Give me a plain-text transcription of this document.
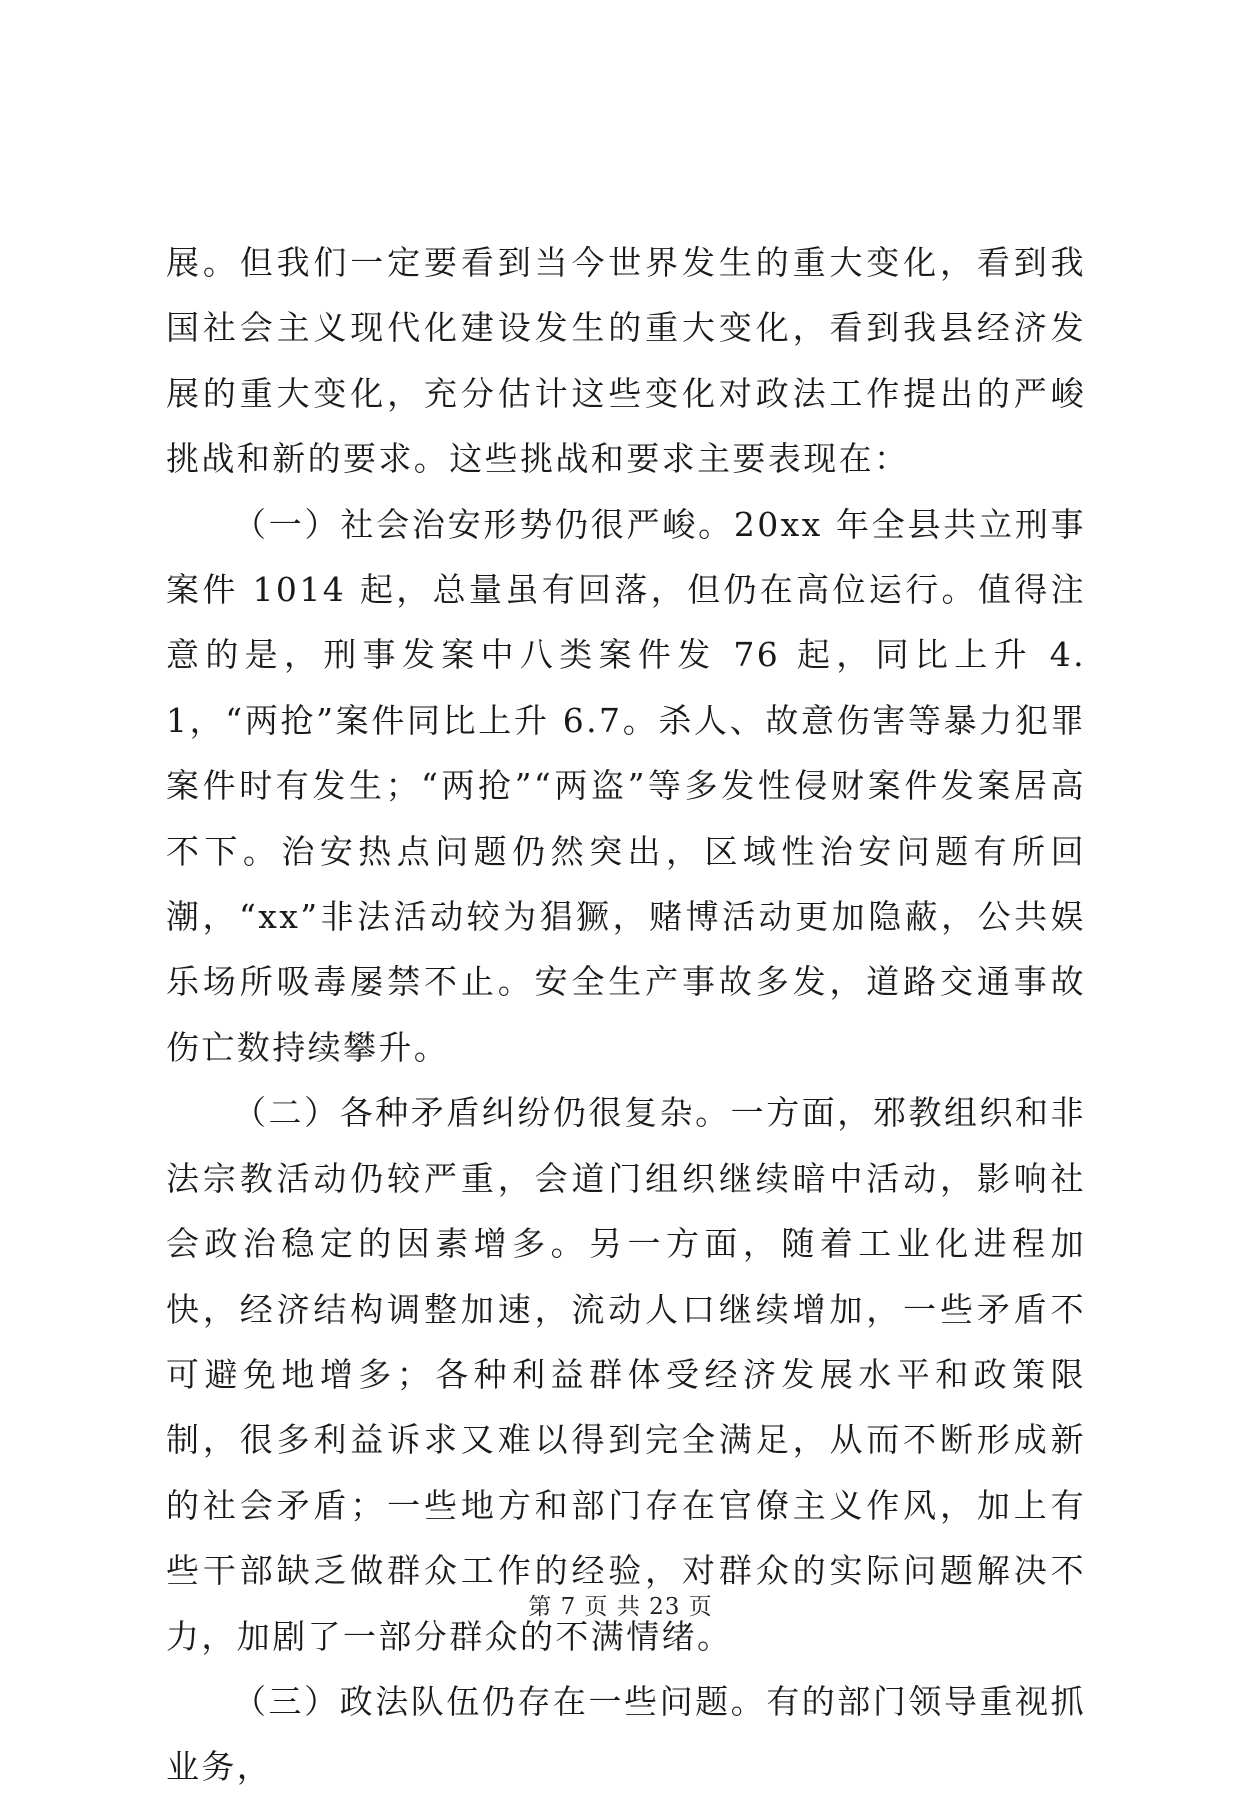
展。但我们一定要看到当今世界发生的重大变化，看到我国社会主义现代化建设发生的重大变化，看到我县经济发展的重大变化，充分估计这些变化对政法工作提出的严峻挑战和新的要求。这些挑战和要求主要表现在：

（一）社会治安形势仍很严峻。20xx 年全县共立刑事案件 1014 起，总量虽有回落，但仍在高位运行。值得注意的是，刑事发案中八类案件发 76 起，同比上升 4.1，“两抢”案件同比上升 6.7。杀人、故意伤害等暴力犯罪案件时有发生；“两抢”“两盗”等多发性侵财案件发案居高不下。治安热点问题仍然突出，区域性治安问题有所回潮，“xx”非法活动较为猖獗，赌博活动更加隐蔽，公共娱乐场所吸毒屡禁不止。安全生产事故多发，道路交通事故伤亡数持续攀升。

（二）各种矛盾纠纷仍很复杂。一方面，邪教组织和非法宗教活动仍较严重，会道门组织继续暗中活动，影响社会政治稳定的因素增多。另一方面，随着工业化进程加快，经济结构调整加速，流动人口继续增加，一些矛盾不可避免地增多；各种利益群体受经济发展水平和政策限制，很多利益诉求又难以得到完全满足，从而不断形成新的社会矛盾；一些地方和部门存在官僚主义作风，加上有些干部缺乏做群众工作的经验，对群众的实际问题解决不力，加剧了一部分群众的不满情绪。

（三）政法队伍仍存在一些问题。有的部门领导重视抓业务，

第 7 页 共 23 页
